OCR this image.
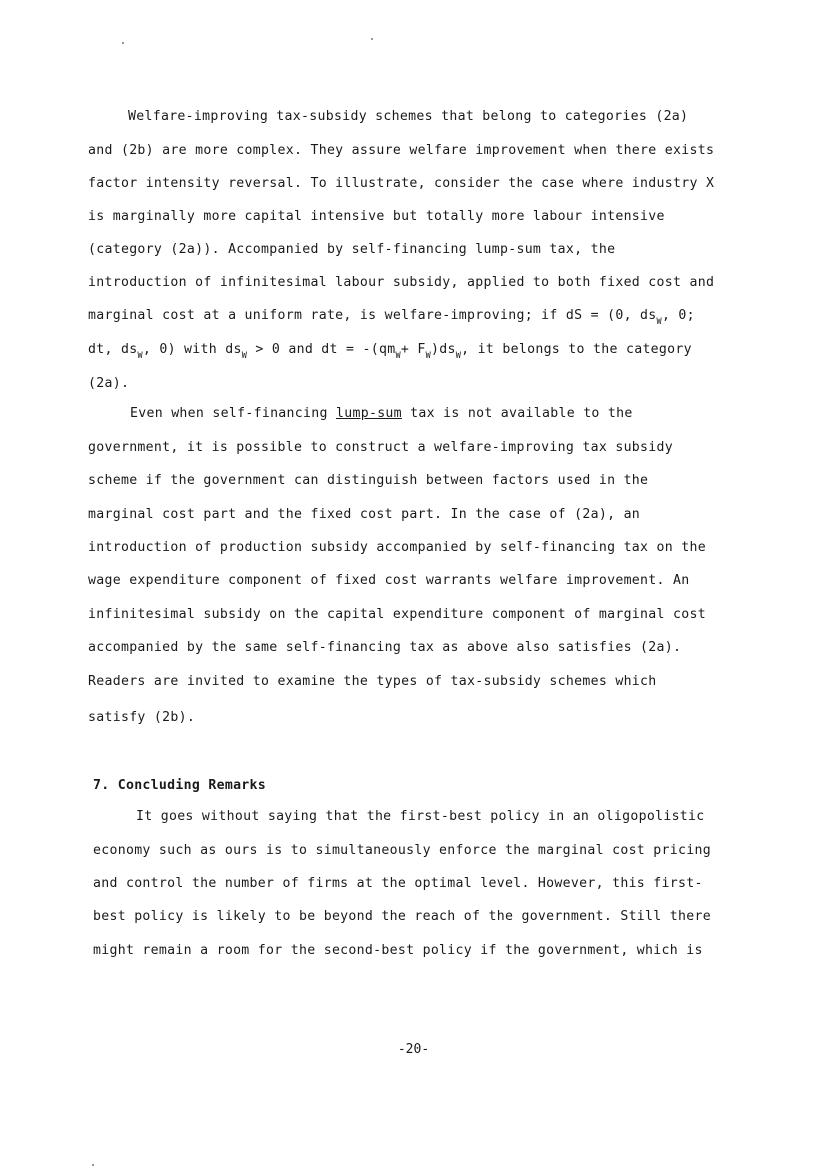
Welfare-improving tax-subsidy schemes that belong to categories (2a)
and (2b) are more complex. They assure welfare improvement when there exists
factor intensity reversal. To illustrate, consider the case where industry X
is marginally more capital intensive but totally more labour intensive
(category (2a)). Accompanied by self-financing lump-sum tax, the
introduction of infinitesimal labour subsidy, applied to both fixed cost and
marginal cost at a uniform rate, is welfare-improving; if dS = (0, $ds_W$, 0;
dt, $ds_W$, 0) with $ds_W > 0$ and dt = $-(qm_W+ F_W)ds_W$, it belongs to the category
(2a).
Even when self-financing lump-sum tax is not available to the
government, it is possible to construct a welfare-improving tax subsidy
scheme if the government can distinguish between factors used in the
marginal cost part and the fixed cost part. In the case of (2a), an
introduction of production subsidy accompanied by self-financing tax on the
wage expenditure component of fixed cost warrants welfare improvement. An
infinitesimal subsidy on the capital expenditure component of marginal cost
accompanied by the same self-financing tax as above also satisfies (2a).
Readers are invited to examine the types of tax-subsidy schemes which
satisfy (2b).
7. Concluding Remarks
It goes without saying that the first-best policy in an oligopolistic
economy such as ours is to simultaneously enforce the marginal cost pricing
and control the number of firms at the optimal level. However, this first-
best policy is likely to be beyond the reach of the government. Still there
might remain a room for the second-best policy if the government, which is
-20-
